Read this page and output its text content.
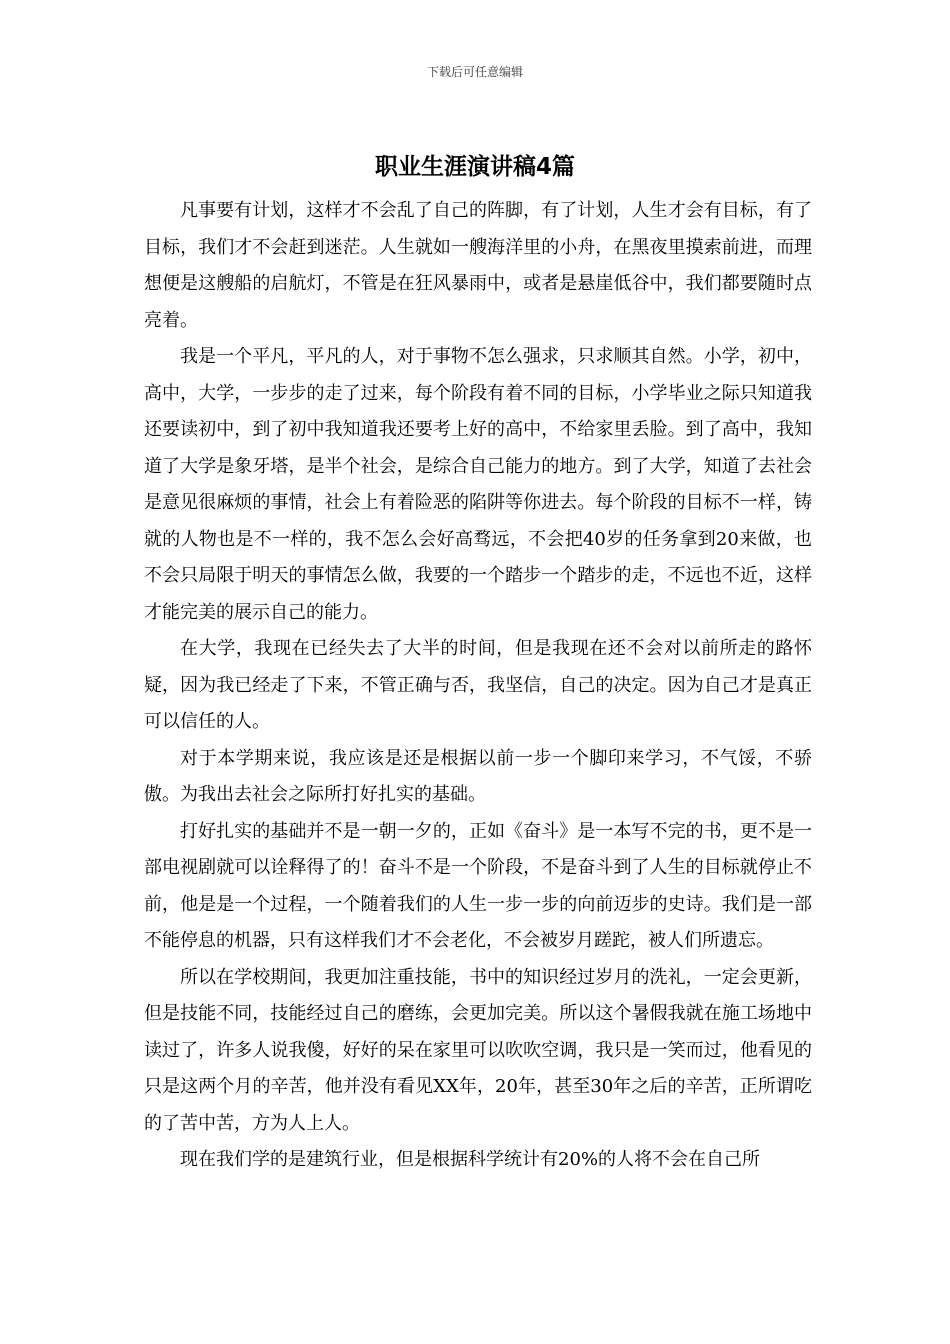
下载后可任意编辑
职业生涯演讲稿4篇

凡事要有计划，这样才不会乱了自己的阵脚，有了计划，人生才会有目标，有了目标，我们才不会赶到迷茫。人生就如一艘海洋里的小舟，在黑夜里摸索前进，而理想便是这艘船的启航灯，不管是在狂风暴雨中，或者是悬崖低谷中，我们都要随时点亮着。

我是一个平凡，平凡的人，对于事物不怎么强求，只求顺其自然。小学，初中，高中，大学，一步步的走了过来，每个阶段有着不同的目标，小学毕业之际只知道我还要读初中，到了初中我知道我还要考上好的高中，不给家里丢脸。到了高中，我知道了大学是象牙塔，是半个社会，是综合自己能力的地方。到了大学，知道了去社会是意见很麻烦的事情，社会上有着险恶的陷阱等你进去。每个阶段的目标不一样，铸就的人物也是不一样的，我不怎么会好高骛远，不会把40岁的任务拿到20来做，也不会只局限于明天的事情怎么做，我要的一个踏步一个踏步的走，不远也不近，这样才能完美的展示自己的能力。

在大学，我现在已经失去了大半的时间，但是我现在还不会对以前所走的路怀疑，因为我已经走了下来，不管正确与否，我坚信，自己的决定。因为自己才是真正可以信任的人。

对于本学期来说，我应该是还是根据以前一步一个脚印来学习，不气馁，不骄傲。为我出去社会之际所打好扎实的基础。

打好扎实的基础并不是一朝一夕的，正如《奋斗》是一本写不完的书，更不是一部电视剧就可以诠释得了的！奋斗不是一个阶段，不是奋斗到了人生的目标就停止不前，他是是一个过程，一个随着我们的人生一步一步的向前迈步的史诗。我们是一部不能停息的机器，只有这样我们才不会老化，不会被岁月蹉跎，被人们所遗忘。

所以在学校期间，我更加注重技能，书中的知识经过岁月的洗礼，一定会更新，但是技能不同，技能经过自己的磨练，会更加完美。所以这个暑假我就在施工场地中读过了，许多人说我傻，好好的呆在家里可以吹吹空调，我只是一笑而过，他看见的只是这两个月的辛苦，他并没有看见XX年，20年，甚至30年之后的辛苦，正所谓吃的了苦中苦，方为人上人。

现在我们学的是建筑行业，但是根据科学统计有20%的人将不会在自己所
